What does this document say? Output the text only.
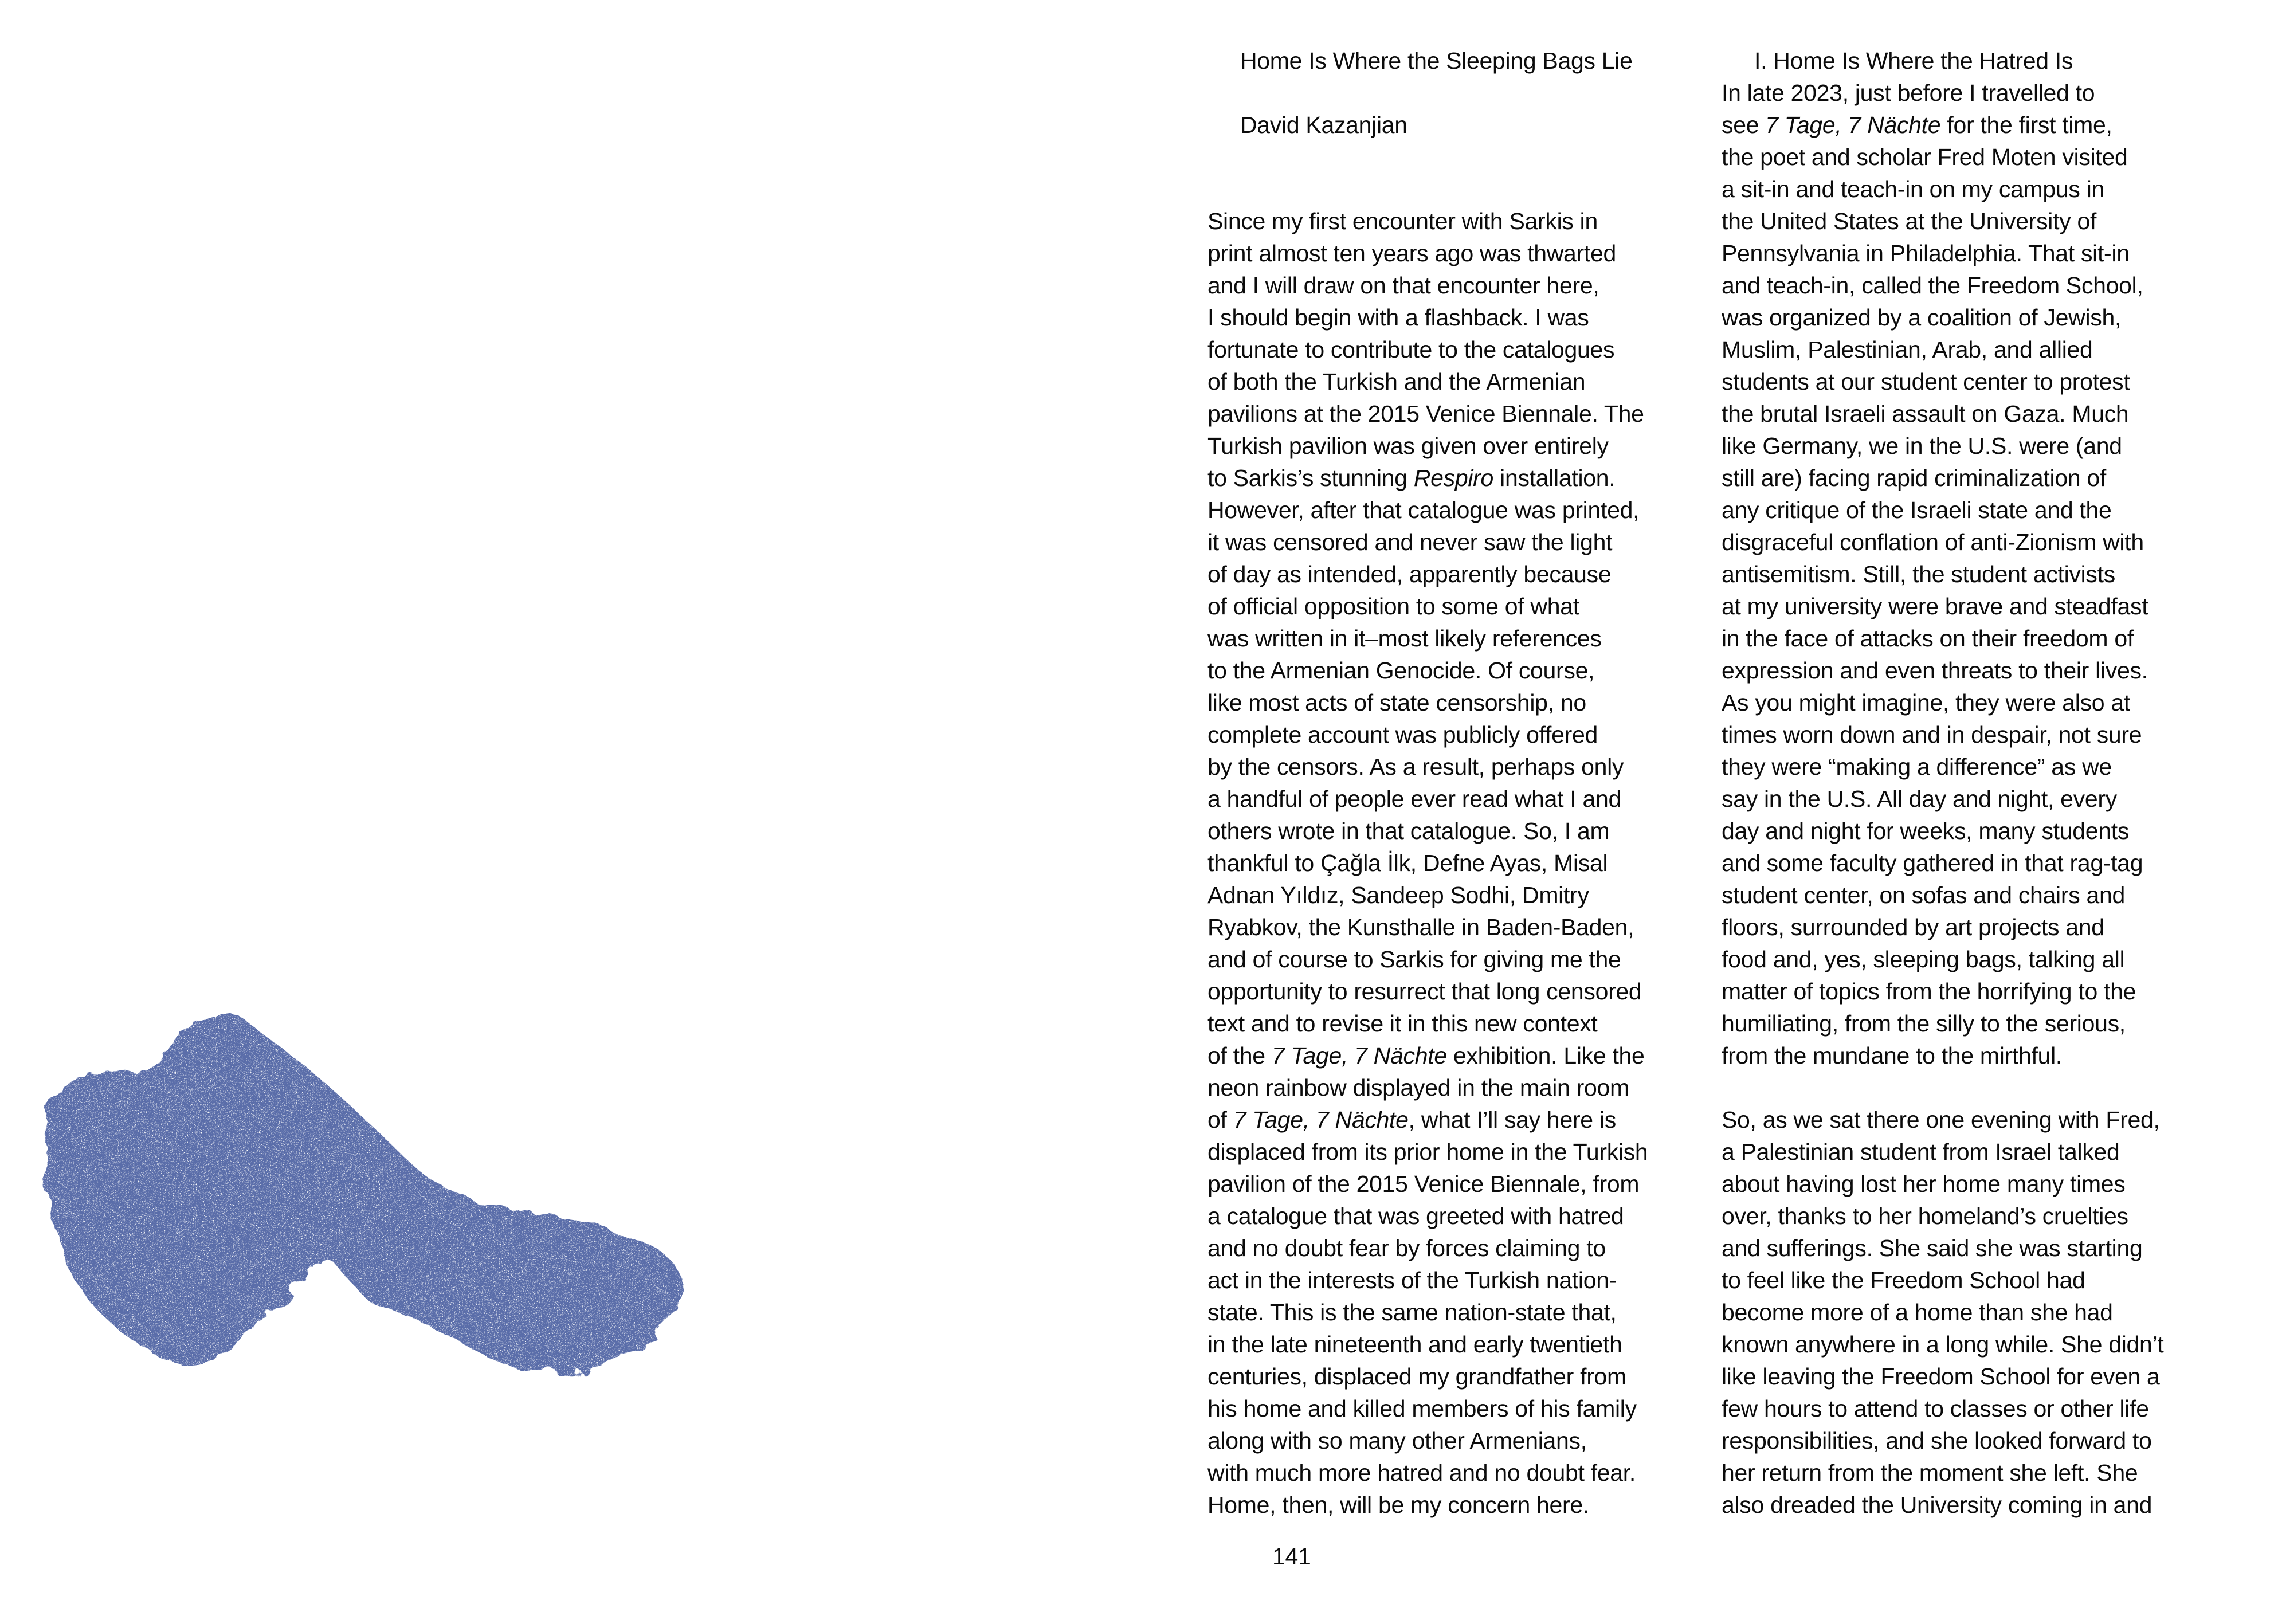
Home Is Where the Sleeping Bags Lie
David Kazanjian
Since my first encounter with Sarkis in
print almost ten years ago was thwarted
and I will draw on that encounter here,
I should begin with a flashback. I was
fortunate to contribute to the catalogues
of both the Turkish and the Armenian
pavilions at the 2015 Venice Biennale. The
Turkish pavilion was given over entirely
to Sarkis’s stunning Respiro installation.
However, after that catalogue was printed,
it was censored and never saw the light
of day as intended, apparently because
of official opposition to some of what
was written in it–most likely references
to the Armenian Genocide. Of course,
like most acts of state censorship, no
complete account was publicly offered
by the censors. As a result, perhaps only
a handful of people ever read what I and
others wrote in that catalogue. So, I am
thankful to Çağla İlk, Defne Ayas, Misal
Adnan Yıldız, Sandeep Sodhi, Dmitry
Ryabkov, the Kunsthalle in Baden-Baden,
and of course to Sarkis for giving me the
opportunity to resurrect that long censored
text and to revise it in this new context
of the 7 Tage, 7 Nächte exhibition. Like the
neon rainbow displayed in the main room
of 7 Tage, 7 Nächte, what I’ll say here is
displaced from its prior home in the Turkish
pavilion of the 2015 Venice Biennale, from
a catalogue that was greeted with hatred
and no doubt fear by forces claiming to
act in the interests of the Turkish nation-
state. This is the same nation-state that,
in the late nineteenth and early twentieth
centuries, displaced my grandfather from
his home and killed members of his family
along with so many other Armenians,
with much more hatred and no doubt fear.
Home, then, will be my concern here.
I. Home Is Where the Hatred Is
In late 2023, just before I travelled to
see 7 Tage, 7 Nächte for the first time,
the poet and scholar Fred Moten visited
a sit-in and teach-in on my campus in
the United States at the University of
Pennsylvania in Philadelphia. That sit-in
and teach-in, called the Freedom School,
was organized by a coalition of Jewish,
Muslim, Palestinian, Arab, and allied
students at our student center to protest
the brutal Israeli assault on Gaza. Much
like Germany, we in the U.S. were (and
still are) facing rapid criminalization of
any critique of the Israeli state and the
disgraceful conflation of anti-Zionism with
antisemitism. Still, the student activists
at my university were brave and steadfast
in the face of attacks on their freedom of
expression and even threats to their lives.
As you might imagine, they were also at
times worn down and in despair, not sure
they were “making a difference” as we
say in the U.S. All day and night, every
day and night for weeks, many students
and some faculty gathered in that rag-tag
student center, on sofas and chairs and
floors, surrounded by art projects and
food and, yes, sleeping bags, talking all
matter of topics from the horrifying to the
humiliating, from the silly to the serious,
from the mundane to the mirthful.
So, as we sat there one evening with Fred,
a Palestinian student from Israel talked
about having lost her home many times
over, thanks to her homeland’s cruelties
and sufferings. She said she was starting
to feel like the Freedom School had
become more of a home than she had
known anywhere in a long while. She didn’t
like leaving the Freedom School for even a
few hours to attend to classes or other life
responsibilities, and she looked forward to
her return from the moment she left. She
also dreaded the University coming in and
141
